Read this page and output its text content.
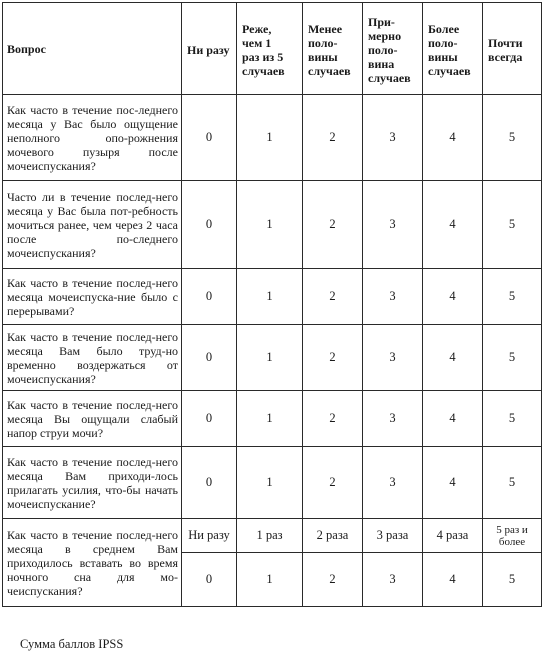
Вопрос	Ни разу	Реже,
чем 1
раз из 5
случаев	Менее
поло-
вины
случаев	При-
мерно
поло-
вина
случаев	Более
поло-
вины
случаев	Почти
всегда
Как часто в течение пос-леднего месяца у Вас было ощущение неполного опо-рожнения мочевого пузыря после мочеиспускания?	0	1	2	3	4	5
Часто ли в течение послед-него месяца у Вас была пот-ребность мочиться ранее, чем через 2 часа после по-следнего мочеиспускания?	0	1	2	3	4	5
Как часто в течение послед-него месяца мочеиспуска-ние было с перерывами?	0	1	2	3	4	5
Как часто в течение послед-него месяца Вам было труд-но временно воздержаться от мочеиспускания?	0	1	2	3	4	5
Как часто в течение послед-него месяца Вы ощущали слабый напор струи мочи?	0	1	2	3	4	5
Как часто в течение послед-него месяца Вам приходи-лось прилагать усилия, что-бы начать мочеиспускание?	0	1	2	3	4	5
Как часто в течение послед-него месяца в среднем Вам приходилось вставать во время ночного сна для мо-чеиспускания?	Ни разу	1 раз	2 раза	3 раза	4 раза	5 раз и более
	0	1	2	3	4	5
Сумма баллов IPSS
